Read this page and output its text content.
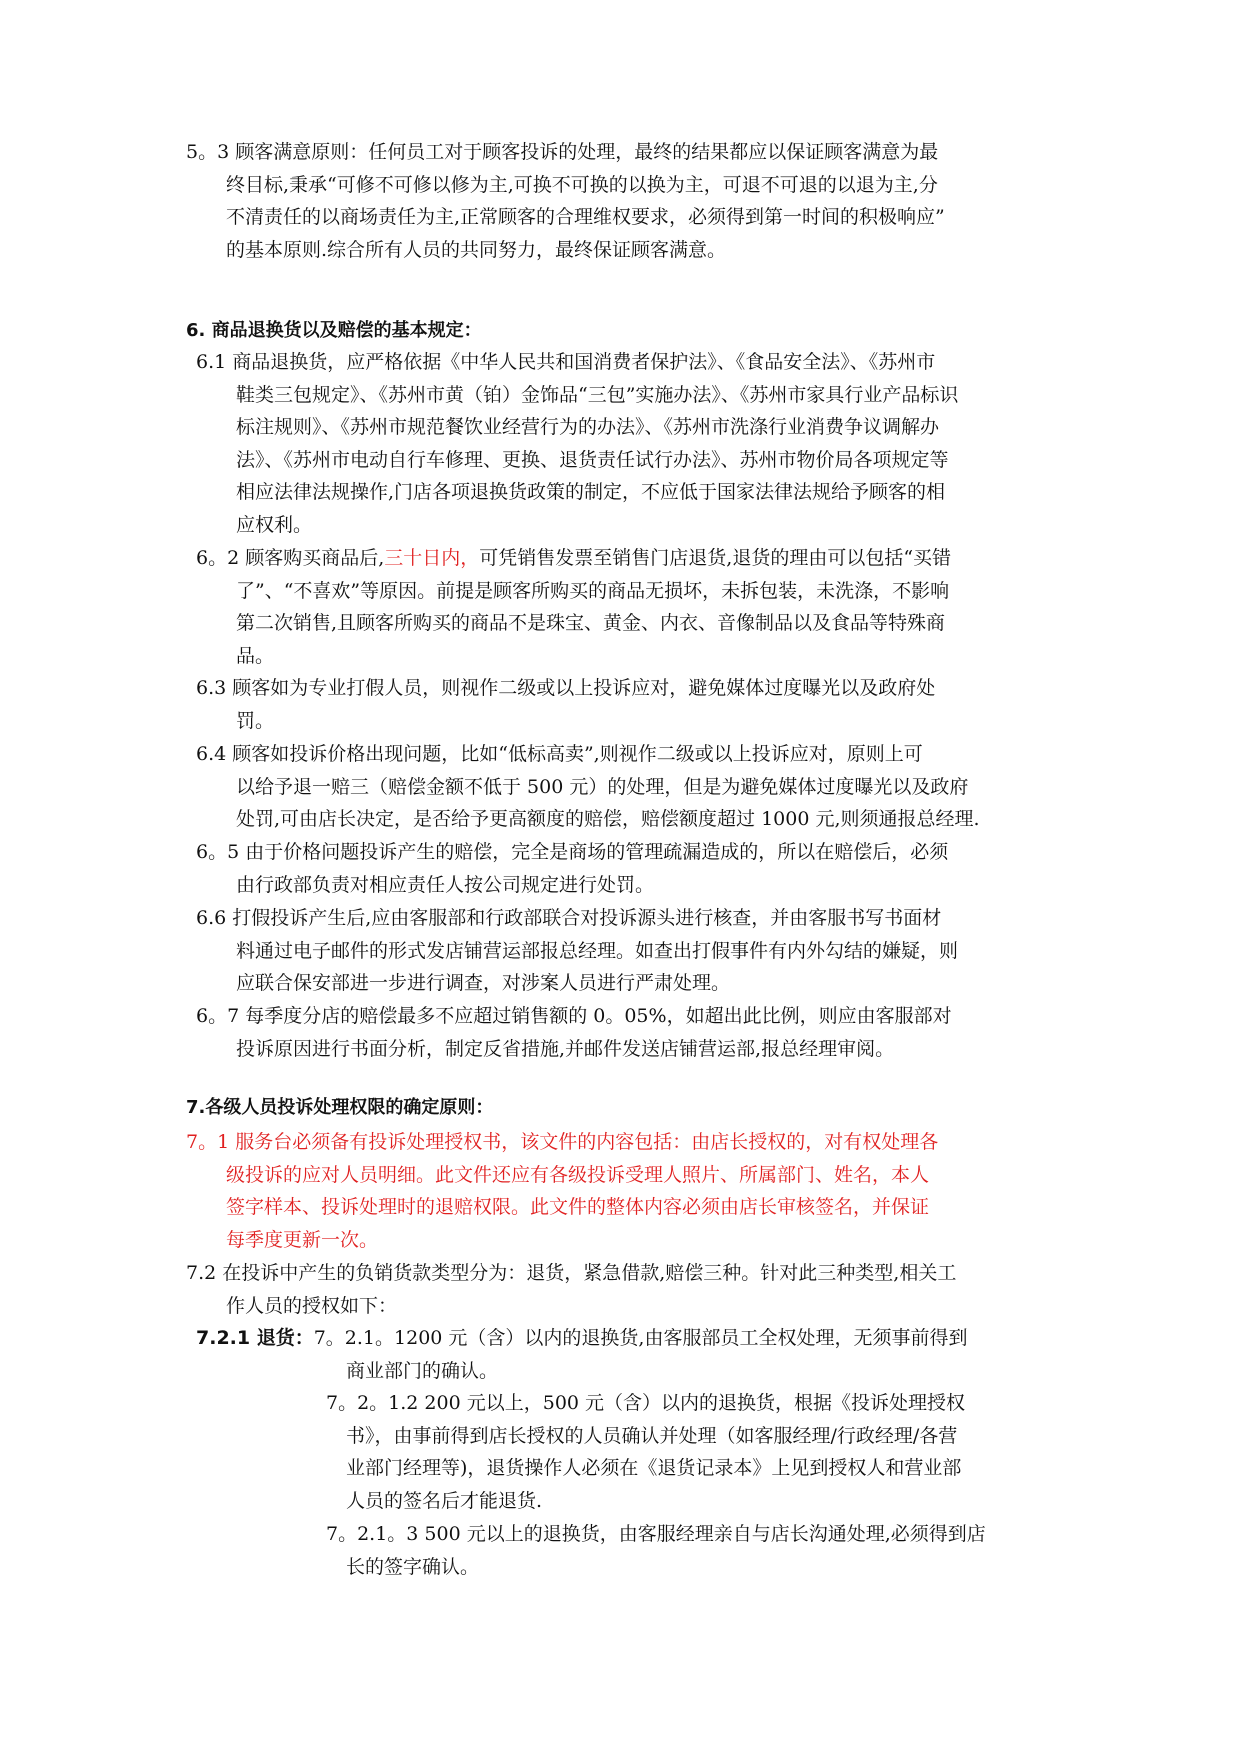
5。3 顾客满意原则：任何员工对于顾客投诉的处理，最终的结果都应以保证顾客满意为最

终目标,秉承“可修不可修以修为主,可换不可换的以换为主，可退不可退的以退为主,分

不清责任的以商场责任为主,正常顾客的合理维权要求，必须得到第一时间的积极响应”

的基本原则.综合所有人员的共同努力，最终保证顾客满意。

6. 商品退换货以及赔偿的基本规定：

6.1 商品退换货，应严格依据《中华人民共和国消费者保护法》、《食品安全法》、《苏州市

鞋类三包规定》、《苏州市黄（铂）金饰品“三包”实施办法》、《苏州市家具行业产品标识

标注规则》、《苏州市规范餐饮业经营行为的办法》、《苏州市洗涤行业消费争议调解办

法》、《苏州市电动自行车修理、更换、退货责任试行办法》、苏州市物价局各项规定等

相应法律法规操作,门店各项退换货政策的制定，不应低于国家法律法规给予顾客的相

应权利。

6。2 顾客购买商品后,三十日内，可凭销售发票至销售门店退货,退货的理由可以包括“买错

了”、“不喜欢”等原因。前提是顾客所购买的商品无损坏，未拆包装，未洗涤，不影响

第二次销售,且顾客所购买的商品不是珠宝、黄金、内衣、音像制品以及食品等特殊商

品。

6.3 顾客如为专业打假人员，则视作二级或以上投诉应对，避免媒体过度曝光以及政府处

罚。

6.4 顾客如投诉价格出现问题，比如“低标高卖”,则视作二级或以上投诉应对，原则上可

以给予退一赔三（赔偿金额不低于 500 元）的处理，但是为避免媒体过度曝光以及政府

处罚,可由店长决定，是否给予更高额度的赔偿，赔偿额度超过 1000 元,则须通报总经理.

6。5 由于价格问题投诉产生的赔偿，完全是商场的管理疏漏造成的，所以在赔偿后，必须

由行政部负责对相应责任人按公司规定进行处罚。

6.6 打假投诉产生后,应由客服部和行政部联合对投诉源头进行核查，并由客服书写书面材

料通过电子邮件的形式发店铺营运部报总经理。如查出打假事件有内外勾结的嫌疑，则

应联合保安部进一步进行调查，对涉案人员进行严肃处理。

6。7 每季度分店的赔偿最多不应超过销售额的 0。05%，如超出此比例，则应由客服部对

投诉原因进行书面分析，制定反省措施,并邮件发送店铺营运部,报总经理审阅。

7.各级人员投诉处理权限的确定原则：

7。1 服务台必须备有投诉处理授权书，该文件的内容包括：由店长授权的，对有权处理各

级投诉的应对人员明细。此文件还应有各级投诉受理人照片、所属部门、姓名，本人

签字样本、投诉处理时的退赔权限。此文件的整体内容必须由店长审核签名，并保证

每季度更新一次。

7.2 在投诉中产生的负销货款类型分为：退货，紧急借款,赔偿三种。针对此三种类型,相关工

作人员的授权如下：

7.2.1 退货：7。2.1。1200 元（含）以内的退换货,由客服部员工全权处理，无须事前得到

商业部门的确认。

7。2。1.2 200 元以上，500 元（含）以内的退换货，根据《投诉处理授权

书》，由事前得到店长授权的人员确认并处理（如客服经理/行政经理/各营

业部门经理等)，退货操作人必须在《退货记录本》上见到授权人和营业部

人员的签名后才能退货.

7。2.1。3 500 元以上的退换货，由客服经理亲自与店长沟通处理,必须得到店

长的签字确认。
